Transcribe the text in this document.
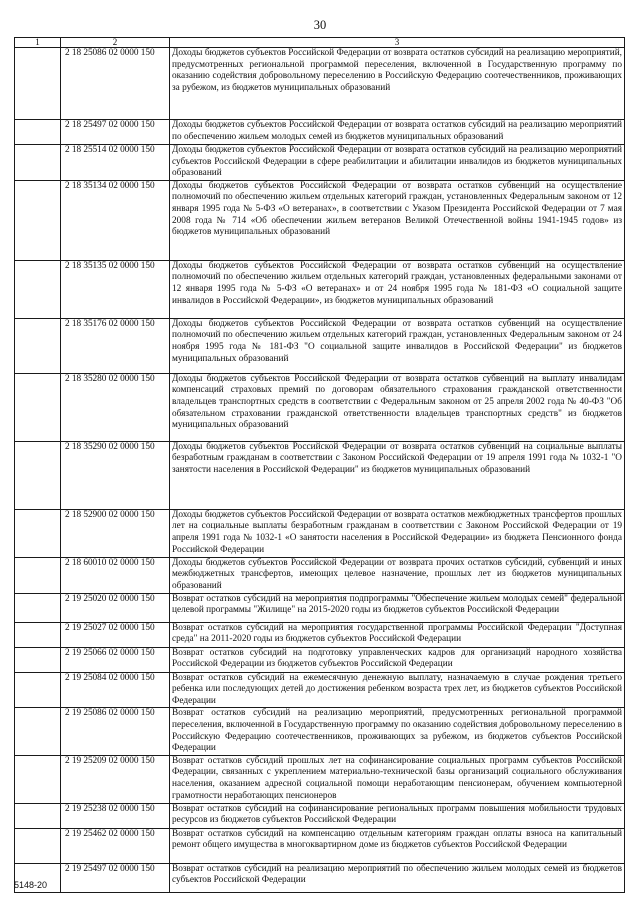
30
1	2	3
	2 18 25086 02 0000 150	Доходы бюджетов субъектов Российской Федерации от возврата остатков субсидий на реализацию мероприятий, предусмотренных региональной программой переселения, включенной в Государственную программу по оказанию содействия добровольному переселению в Российскую Федерацию соотечественников, проживающих за рубежом, из бюджетов муниципальных образований
	2 18 25497 02 0000 150	Доходы бюджетов субъектов Российской Федерации от возврата остатков субсидий на реализацию мероприятий по обеспечению жильем молодых семей из бюджетов муниципальных образований
	2 18 25514 02 0000 150	Доходы бюджетов субъектов Российской Федерации от возврата остатков субсидий на реализацию мероприятий субъектов Российской Федерации в сфере реабилитации и абилитации инвалидов из бюджетов муниципальных образований
	2 18 35134 02 0000 150	Доходы бюджетов субъектов Российской Федерации от возврата остатков субвенций на осуществление полномочий по обеспечению жильем отдельных категорий граждан, установленных Федеральным законом от 12 января 1995 года № 5-ФЗ «О ветеранах», в соответствии с Указом Президента Российской Федерации от 7 мая 2008 года № 714 «Об обеспечении жильем ветеранов Великой Отечественной войны 1941-1945 годов» из бюджетов муниципальных образований
	2 18 35135 02 0000 150	Доходы бюджетов субъектов Российской Федерации от возврата остатков субвенций на осуществление полномочий по обеспечению жильем отдельных категорий граждан, установленных федеральными законами от 12 января 1995 года № 5-ФЗ «О ветеранах» и от 24 ноября 1995 года № 181-ФЗ «О социальной защите инвалидов в Российской Федерации», из бюджетов муниципальных образований
	2 18 35176 02 0000 150	Доходы бюджетов субъектов Российской Федерации от возврата остатков субвенций на осуществление полномочий по обеспечению жильем отдельных категорий граждан, установленных Федеральным законом от 24 ноября 1995 года № 181-ФЗ "О социальной защите инвалидов в Российской Федерации" из бюджетов муниципальных образований
	2 18 35280 02 0000 150	Доходы бюджетов субъектов Российской Федерации от возврата остатков субвенций на выплату инвалидам компенсаций страховых премий по договорам обязательного страхования гражданской ответственности владельцев транспортных средств в соответствии с Федеральным законом от 25 апреля 2002 года № 40-ФЗ "Об обязательном страховании гражданской ответственности владельцев транспортных средств" из бюджетов муниципальных образований
	2 18 35290 02 0000 150	Доходы бюджетов субъектов Российской Федерации от возврата остатков субвенций на социальные выплаты безработным гражданам в соответствии с Законом Российской Федерации от 19 апреля 1991 года № 1032-1 "О занятости населения в Российской Федерации" из бюджетов муниципальных образований
	2 18 52900 02 0000 150	Доходы бюджетов субъектов Российской Федерации от возврата остатков межбюджетных трансфертов прошлых лет на социальные выплаты безработным гражданам в соответствии с Законом Российской Федерации от 19 апреля 1991 года № 1032-1 «О занятости населения в Российской Федерации» из бюджета Пенсионного фонда Российской Федерации
	2 18 60010 02 0000 150	Доходы бюджетов субъектов Российской Федерации от возврата прочих остатков субсидий, субвенций и иных межбюджетных трансфертов, имеющих целевое назначение, прошлых лет из бюджетов муниципальных образований
	2 19 25020 02 0000 150	Возврат остатков субсидий на мероприятия подпрограммы "Обеспечение жильем молодых семей" федеральной целевой программы "Жилище" на 2015-2020 годы из бюджетов субъектов Российской Федерации
	2 19 25027 02 0000 150	Возврат остатков субсидий на мероприятия государственной программы Российской Федерации "Доступная среда" на 2011-2020 годы из бюджетов субъектов Российской Федерации
	2 19 25066 02 0000 150	Возврат остатков субсидий на подготовку управленческих кадров для организаций народного хозяйства Российской Федерации из бюджетов субъектов Российской Федерации
	2 19 25084 02 0000 150	Возврат остатков субсидий на ежемесячную денежную выплату, назначаемую в случае рождения третьего ребенка или последующих детей до достижения ребенком возраста трех лет, из бюджетов субъектов Российской Федерации
	2 19 25086 02 0000 150	Возврат остатков субсидий на реализацию мероприятий, предусмотренных региональной программой переселения, включенной в Государственную программу по оказанию содействия добровольному переселению в Российскую Федерацию соотечественников, проживающих за рубежом, из бюджетов субъектов Российской Федерации
	2 19 25209 02 0000 150	Возврат остатков субсидий прошлых лет на софинансирование социальных программ субъектов Российской Федерации, связанных с укреплением материально-технической базы организаций социального обслуживания населения, оказанием адресной социальной помощи неработающим пенсионерам, обучением компьютерной грамотности неработающих пенсионеров
	2 19 25238 02 0000 150	Возврат остатков субсидий на софинансирование региональных программ повышения мобильности трудовых ресурсов из бюджетов субъектов Российской Федерации
	2 19 25462 02 0000 150	Возврат остатков субсидий на компенсацию отдельным категориям граждан оплаты взноса на капитальный ремонт общего имущества в многоквартирном доме из бюджетов субъектов Российской Федерации
	2 19 25497 02 0000 150	Возврат остатков субсидий на реализацию мероприятий по обеспечению жильем молодых семей из бюджетов субъектов Российской Федерации
5148-20
